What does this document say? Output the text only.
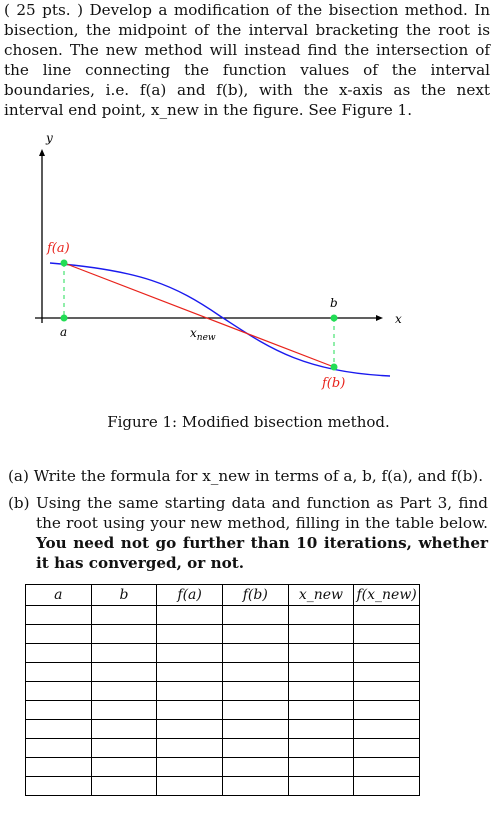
( 25 pts. ) Develop a modification of the bisection method. In bisection, the midpoint of the interval bracketing the root is chosen. The new method will instead find the intersection of the line connecting the function values of the interval boundaries, i.e. f(a) and f(b), with the x-axis as the next interval end point, x_new in the figure. See Figure 1.
y
x
f(a)
f(b)
a
b
$x_{new}$
Figure 1: Modified bisection method.
(a) Write the formula for x_new in terms of a, b, f(a), and f(b).
(b) Using the same starting data and function as Part 3, find the root using your new method, filling in the table below. You need not go further than 10 iterations, whether it has converged, or not.
a	b	f(a)	f(b)	x_new	f(x_new)
